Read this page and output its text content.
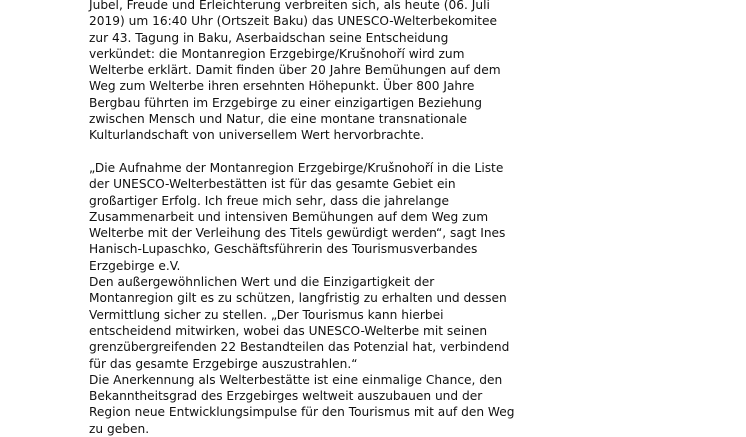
Jubel, Freude und Erleichterung verbreiten sich, als heute (06. Juli
2019) um 16:40 Uhr (Ortszeit Baku) das UNESCO-Welterbekomitee
zur 43. Tagung in Baku, Aserbaidschan seine Entscheidung
verkündet: die Montanregion Erzgebirge/Krušnohoří wird zum
Welterbe erklärt. Damit finden über 20 Jahre Bemühungen auf dem
Weg zum Welterbe ihren ersehnten Höhepunkt. Über 800 Jahre
Bergbau führten im Erzgebirge zu einer einzigartigen Beziehung
zwischen Mensch und Natur, die eine montane transnationale
Kulturlandschaft von universellem Wert hervorbrachte.
„Die Aufnahme der Montanregion Erzgebirge/Krušnohoří in die Liste
der UNESCO-Welterbestätten ist für das gesamte Gebiet ein
großartiger Erfolg. Ich freue mich sehr, dass die jahrelange
Zusammenarbeit und intensiven Bemühungen auf dem Weg zum
Welterbe mit der Verleihung des Titels gewürdigt werden“, sagt Ines
Hanisch-Lupaschko, Geschäftsführerin des Tourismusverbandes
Erzgebirge e.V.
Den außergewöhnlichen Wert und die Einzigartigkeit der
Montanregion gilt es zu schützen, langfristig zu erhalten und dessen
Vermittlung sicher zu stellen. „Der Tourismus kann hierbei
entscheidend mitwirken, wobei das UNESCO-Welterbe mit seinen
grenzübergreifenden 22 Bestandteilen das Potenzial hat, verbindend
für das gesamte Erzgebirge auszustrahlen.“
Die Anerkennung als Welterbestätte ist eine einmalige Chance, den
Bekanntheitsgrad des Erzgebirges weltweit auszubauen und der
Region neue Entwicklungsimpulse für den Tourismus mit auf den Weg
zu geben.
